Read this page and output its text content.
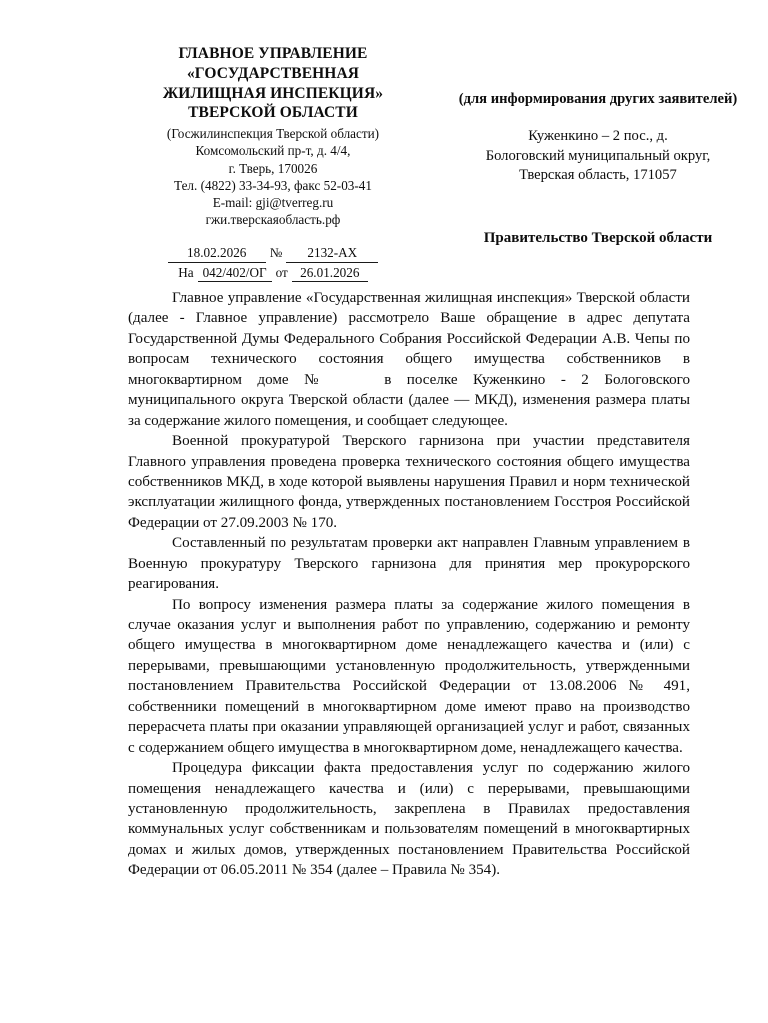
ГЛАВНОЕ УПРАВЛЕНИЕ
«ГОСУДАРСТВЕННАЯ
ЖИЛИЩНАЯ ИНСПЕКЦИЯ»
ТВЕРСКОЙ ОБЛАСТИ
(Госжилинспекция Тверской области)
Комсомольский пр-т, д. 4/4,
г. Тверь, 170026
Тел. (4822) 33-34-93, факс 52-03-41
E-mail: gji@tverreg.ru
гжи.тверскаяобласть.рф
18.02.2026	№	2132-АХ
На 042/402/ОГ от 26.01.2026
(для информирования других заявителей)
Куженкино – 2 пос., д.
Бологовский муниципальный округ,
Тверская область, 171057
Правительство Тверской области

Главное управление «Государственная жилищная инспекция» Тверской области (далее - Главное управление) рассмотрело Ваше обращение в адрес депутата Государственной Думы Федерального Собрания Российской Федерации А.В. Чепы по вопросам технического состояния общего имущества собственников в многоквартирном доме №	в поселке Куженкино - 2 Бологовского муниципального округа Тверской области (далее — МКД), изменения размера платы за содержание жилого помещения, и сообщает следующее.

Военной прокуратурой Тверского гарнизона при участии представителя Главного управления проведена проверка технического состояния общего имущества собственников МКД, в ходе которой выявлены нарушения Правил и норм технической эксплуатации жилищного фонда, утвержденных постановлением Госстроя Российской Федерации от 27.09.2003 № 170.

Составленный по результатам проверки акт направлен Главным управлением в Военную прокуратуру Тверского гарнизона для принятия мер прокурорского реагирования.

По вопросу изменения размера платы за содержание жилого помещения в случае оказания услуг и выполнения работ по управлению, содержанию и ремонту общего имущества в многоквартирном доме ненадлежащего качества и (или) с перерывами, превышающими установленную продолжительность, утвержденными постановлением Правительства Российской Федерации от 13.08.2006 № 491, собственники помещений в многоквартирном доме имеют право на производство перерасчета платы при оказании управляющей организацией услуг и работ, связанных с содержанием общего имущества в многоквартирном доме, ненадлежащего качества.

Процедура фиксации факта предоставления услуг по содержанию жилого помещения ненадлежащего качества и (или) с перерывами, превышающими установленную продолжительность, закреплена в Правилах предоставления коммунальных услуг собственникам и пользователям помещений в многоквартирных домах и жилых домов, утвержденных постановлением Правительства Российской Федерации от 06.05.2011 № 354 (далее – Правила № 354).
